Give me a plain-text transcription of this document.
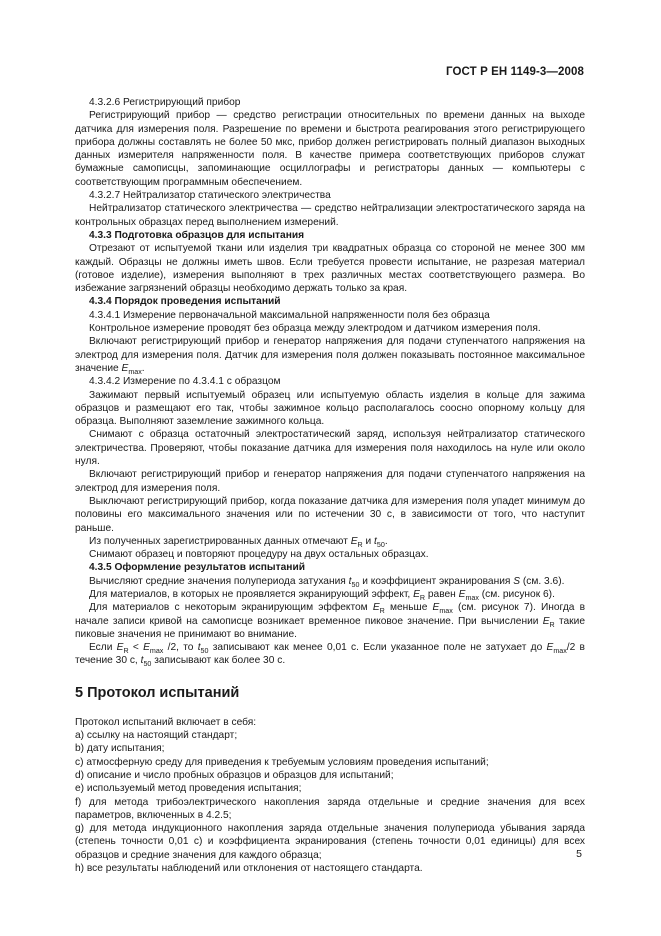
ГОСТ Р ЕН 1149-3—2008

4.3.2.6 Регистрирующий прибор

Регистрирующий прибор — средство регистрации относительных по времени данных на выходе датчика для измерения поля. Разрешение по времени и быстрота реагирования этого регистрирующего прибора должны составлять не более 50 мкс, прибор должен регистрировать полный диапазон выходных данных измерителя напряженности поля. В качестве примера соответствующих приборов служат бумажные самописцы, запоминающие осциллографы и регистраторы данных — компьютеры с соответствующим программным обеспечением.

4.3.2.7 Нейтрализатор статического электричества

Нейтрализатор статического электричества — средство нейтрализации электростатического заряда на контрольных образцах перед выполнением измерений.

4.3.3 Подготовка образцов для испытания

Отрезают от испытуемой ткани или изделия три квадратных образца со стороной не менее 300 мм каждый. Образцы не должны иметь швов. Если требуется провести испытание, не разрезая материал (готовое изделие), измерения выполняют в трех различных местах соответствующего размера. Во избежание загрязнений образцы необходимо держать только за края.

4.3.4 Порядок проведения испытаний

4.3.4.1 Измерение первоначальной максимальной напряженности поля без образца

Контрольное измерение проводят без образца между электродом и датчиком измерения поля.

Включают регистрирующий прибор и генератор напряжения для подачи ступенчатого напряжения на электрод для измерения поля. Датчик для измерения поля должен показывать постоянное максимальное значение $E_{max}$.

4.3.4.2 Измерение по 4.3.4.1 с образцом

Зажимают первый испытуемый образец или испытуемую область изделия в кольце для зажима образцов и размещают его так, чтобы зажимное кольцо располагалось соосно опорному кольцу для образца. Выполняют заземление зажимного кольца.

Снимают с образца остаточный электростатический заряд, используя нейтрализатор статического электричества. Проверяют, чтобы показание датчика для измерения поля находилось на нуле или около нуля.

Включают регистрирующий прибор и генератор напряжения для подачи ступенчатого напряжения на электрод для измерения поля.

Выключают регистрирующий прибор, когда показание датчика для измерения поля упадет минимум до половины его максимального значения или по истечении 30 с, в зависимости от того, что наступит раньше.

Из полученных зарегистрированных данных отмечают $E_R$ и $t_{50}$.

Снимают образец и повторяют процедуру на двух остальных образцах.

4.3.5 Оформление результатов испытаний

Вычисляют средние значения полупериода затухания $t_{50}$ и коэффициент экранирования S (см. 3.6).

Для материалов, в которых не проявляется экранирующий эффект, $E_R$ равен $E_{max}$ (см. рисунок 6).

Для материалов с некоторым экранирующим эффектом $E_R$ меньше $E_{max}$ (см. рисунок 7). Иногда в начале записи кривой на самописце возникает временное пиковое значение. При вычислении $E_R$ такие пиковые значения не принимают во внимание.

Если $E_R < E_{max}$ /2, то $t_{50}$ записывают как менее 0,01 с. Если указанное поле не затухает до $E_{max}/2$ в течение 30 с, $t_{50}$ записывают как более 30 с.

5 Протокол испытаний

Протокол испытаний включает в себя:

a) ссылку на настоящий стандарт;

b) дату испытания;

c) атмосферную среду для приведения к требуемым условиям проведения испытаний;

d) описание и число пробных образцов и образцов для испытаний;

e) используемый метод проведения испытания;

f) для метода трибоэлектрического накопления заряда отдельные и средние значения для всех параметров, включенных в 4.2.5;

g) для метода индукционного накопления заряда отдельные значения полупериода убывания заряда (степень точности 0,01 с) и коэффициента экранирования (степень точности 0,01 единицы) для всех образцов и средние значения для каждого образца;

h) все результаты наблюдений или отклонения от настоящего стандарта.

5
